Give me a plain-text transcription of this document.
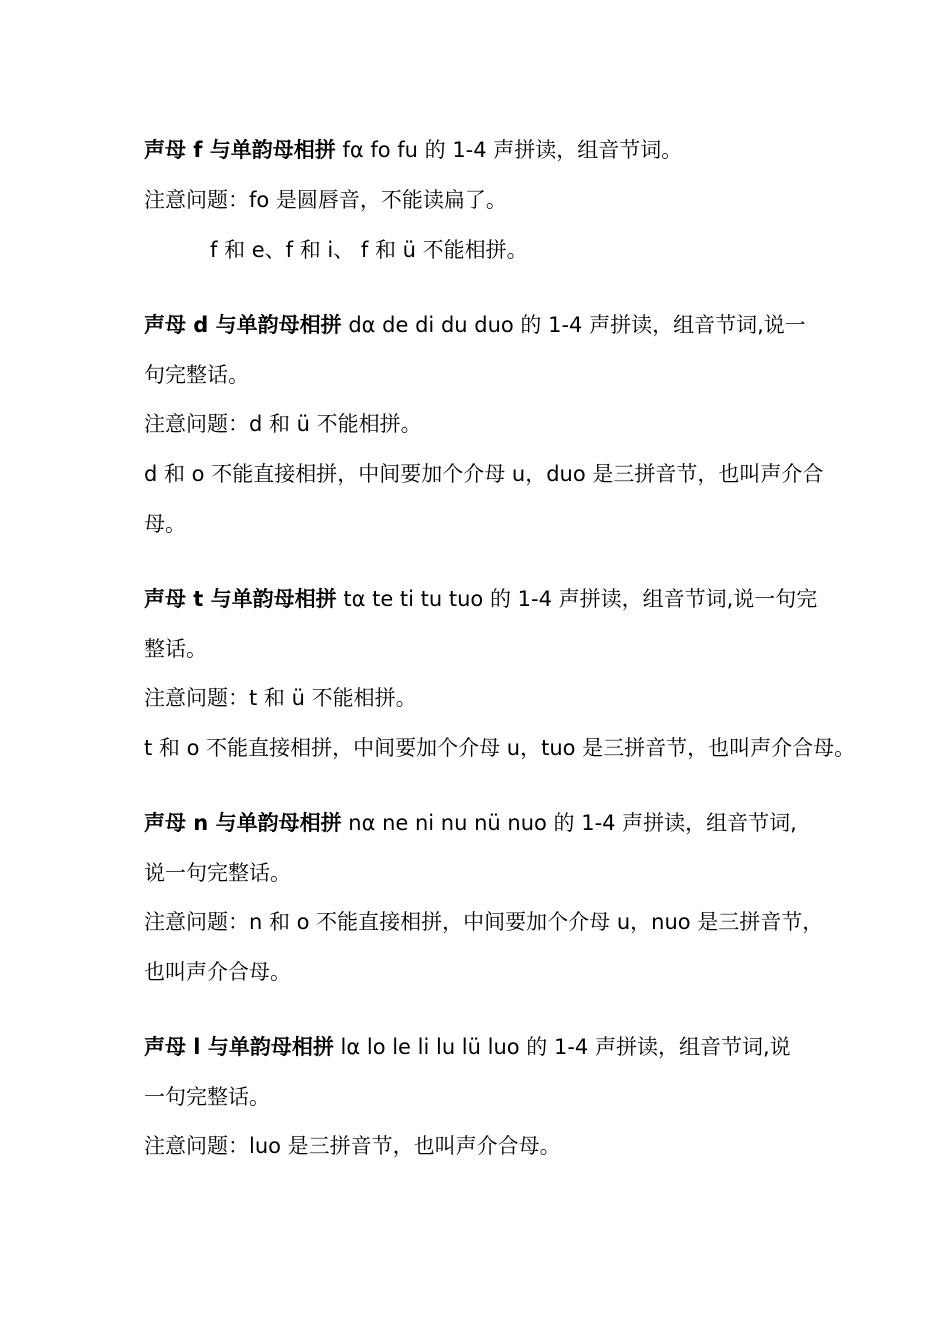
声母 f 与单韵母相拼 fα fo fu 的 1-4 声拼读，组音节词。
注意问题：fo 是圆唇音，不能读扁了。
f 和 e、f 和 i、 f 和 ü 不能相拼。
声母 d 与单韵母相拼 dα de di du duo 的 1-4 声拼读，组音节词,说一
句完整话。
注意问题：d 和 ü 不能相拼。
d 和 o 不能直接相拼，中间要加个介母 u，duo 是三拼音节，也叫声介合
母。
声母 t 与单韵母相拼 tα te ti tu tuo 的 1-4 声拼读，组音节词,说一句完
整话。
注意问题：t 和 ü 不能相拼。
t 和 o 不能直接相拼，中间要加个介母 u，tuo 是三拼音节，也叫声介合母。
声母 n 与单韵母相拼 nα ne ni nu nü nuo 的 1-4 声拼读，组音节词,
说一句完整话。
注意问题：n 和 o 不能直接相拼，中间要加个介母 u，nuo 是三拼音节，
也叫声介合母。
声母 l 与单韵母相拼 lα lo le li lu lü luo 的 1-4 声拼读，组音节词,说
一句完整话。
注意问题：luo 是三拼音节，也叫声介合母。
